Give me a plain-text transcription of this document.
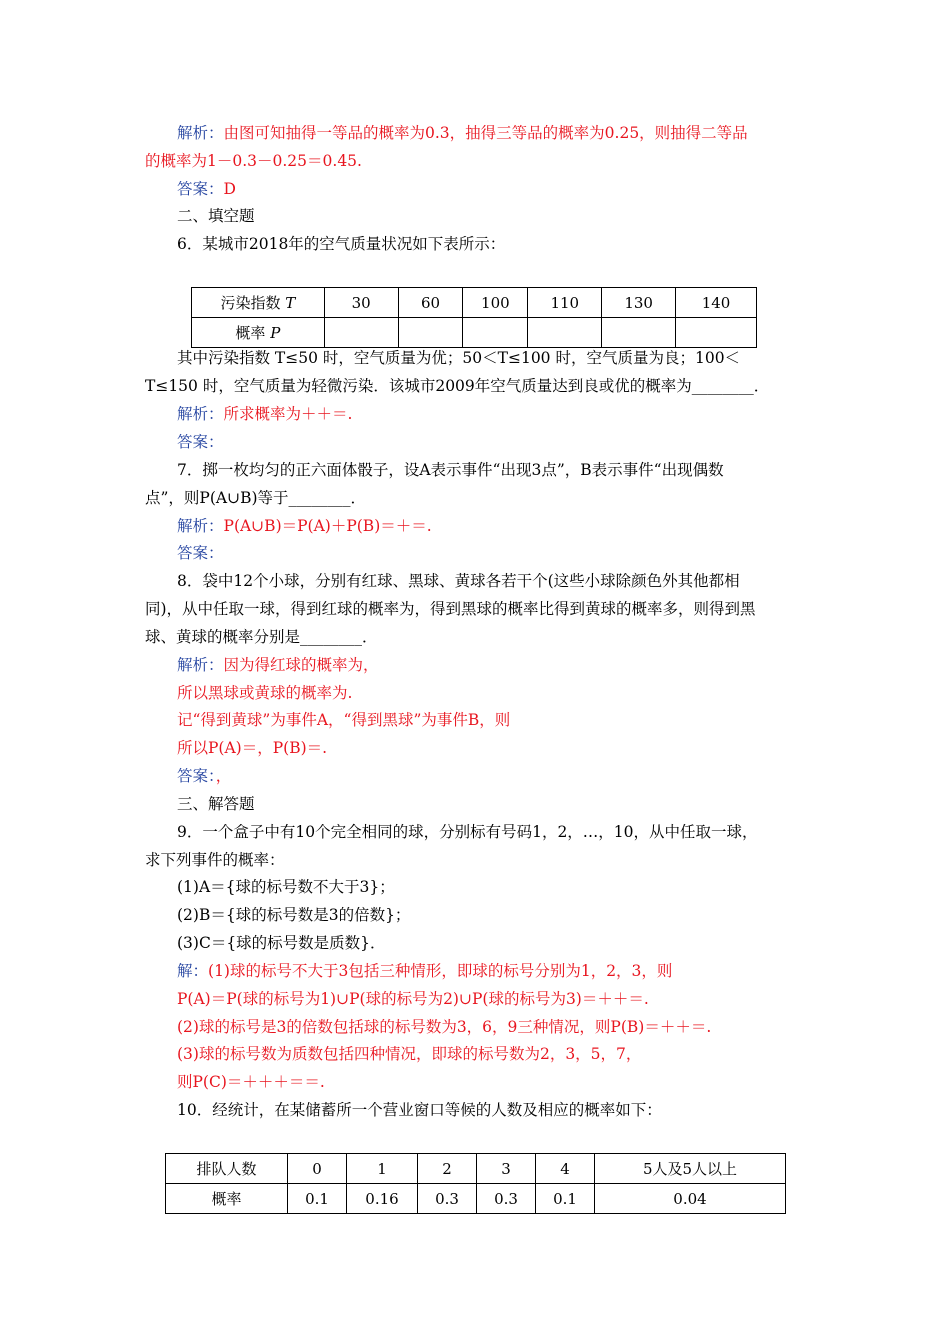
解析：由图可知抽得一等品的概率为0.3，抽得三等品的概率为0.25，则抽得二等品
的概率为1－0.3－0.25＝0.45.
答案：D
二、填空题
6．某城市2018年的空气质量状况如下表所示：
污染指数 T	30	60	100	110	130	140
概率 P						
其中污染指数 T≤50 时，空气质量为优；50＜T≤100 时，空气质量为良；100＜
T≤150 时，空气质量为轻微污染．该城市2009年空气质量达到良或优的概率为________．
解析：所求概率为＋＋＝.
答案：
7．掷一枚均匀的正六面体骰子，设A表示事件“出现3点”，B表示事件“出现偶数
点”，则P(A∪B)等于________．
解析：P(A∪B)＝P(A)＋P(B)＝＋＝.
答案：
8．袋中12个小球，分别有红球、黑球、黄球各若干个(这些小球除颜色外其他都相
同)，从中任取一球，得到红球的概率为，得到黑球的概率比得到黄球的概率多，则得到黑
球、黄球的概率分别是________．
解析：因为得红球的概率为，
所以黑球或黄球的概率为.
记“得到黄球”为事件A，“得到黑球”为事件B，则
所以P(A)＝，P(B)＝.
答案：，
三、解答题
9．一个盒子中有10个完全相同的球，分别标有号码1，2，…，10，从中任取一球，
求下列事件的概率：
(1)A＝{球的标号数不大于3}；
(2)B＝{球的标号数是3的倍数}；
(3)C＝{球的标号数是质数}．
解：(1)球的标号不大于3包括三种情形，即球的标号分别为1，2，3，则
P(A)＝P(球的标号为1)∪P(球的标号为2)∪P(球的标号为3)＝＋＋＝.
(2)球的标号是3的倍数包括球的标号数为3，6，9三种情况，则P(B)＝＋＋＝.
(3)球的标号数为质数包括四种情况，即球的标号数为2，3，5，7，
则P(C)＝＋＋＋＝＝.
10．经统计，在某储蓄所一个营业窗口等候的人数及相应的概率如下：
排队人数	0	1	2	3	4	5人及5人以上
概率	0.1	0.16	0.3	0.3	0.1	0.04
